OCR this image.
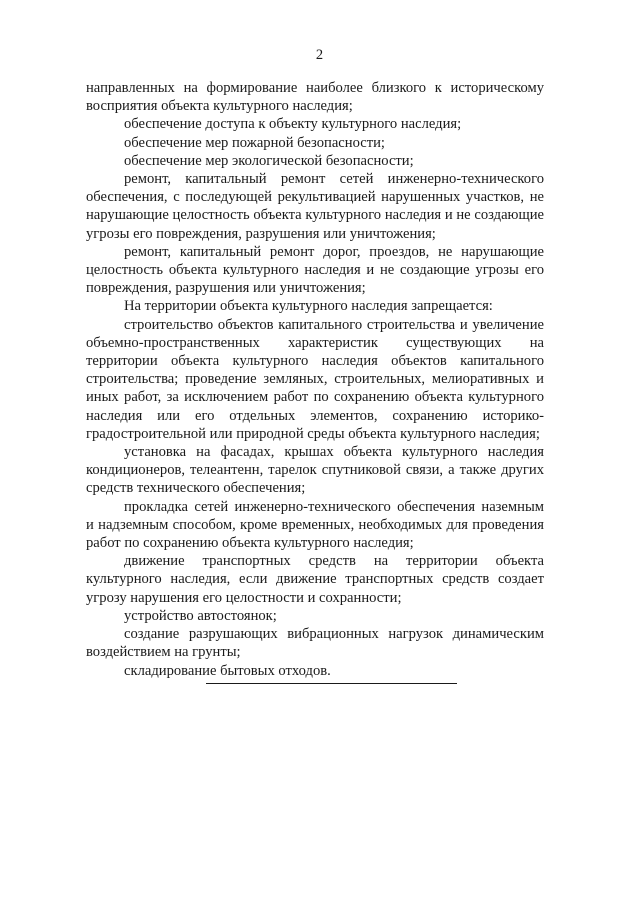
2

направленных на формирование наиболее близкого к историческому восприятия объекта культурного наследия;

обеспечение доступа к объекту культурного наследия;

обеспечение мер пожарной безопасности;

обеспечение мер экологической безопасности;

ремонт, капитальный ремонт сетей инженерно-технического обеспечения, с последующей рекультивацией нарушенных участков, не нарушающие целостность объекта культурного наследия и не создающие угрозы его повреждения, разрушения или уничтожения;

ремонт, капитальный ремонт дорог, проездов, не нарушающие целостность объекта культурного наследия и не создающие угрозы его повреждения, разрушения или уничтожения;

На территории объекта культурного наследия запрещается:

строительство объектов капитального строительства и увеличение объемно-пространственных характеристик существующих на территории объекта культурного наследия объектов капитального строительства; проведение земляных, строительных, мелиоративных и иных работ, за исключением работ по сохранению объекта культурного наследия или его отдельных элементов, сохранению историко-градостроительной или природной среды объекта культурного наследия;

установка на фасадах, крышах объекта культурного наследия кондиционеров, телеантенн, тарелок спутниковой связи, а также других средств технического обеспечения;

прокладка сетей инженерно-технического обеспечения наземным и надземным способом, кроме временных, необходимых для проведения работ по сохранению объекта культурного наследия;

движение транспортных средств на территории объекта культурного наследия, если движение транспортных средств создает угрозу нарушения его целостности и сохранности;

устройство автостоянок;

создание разрушающих вибрационных нагрузок динамическим воздействием на грунты;

складирование бытовых отходов.
